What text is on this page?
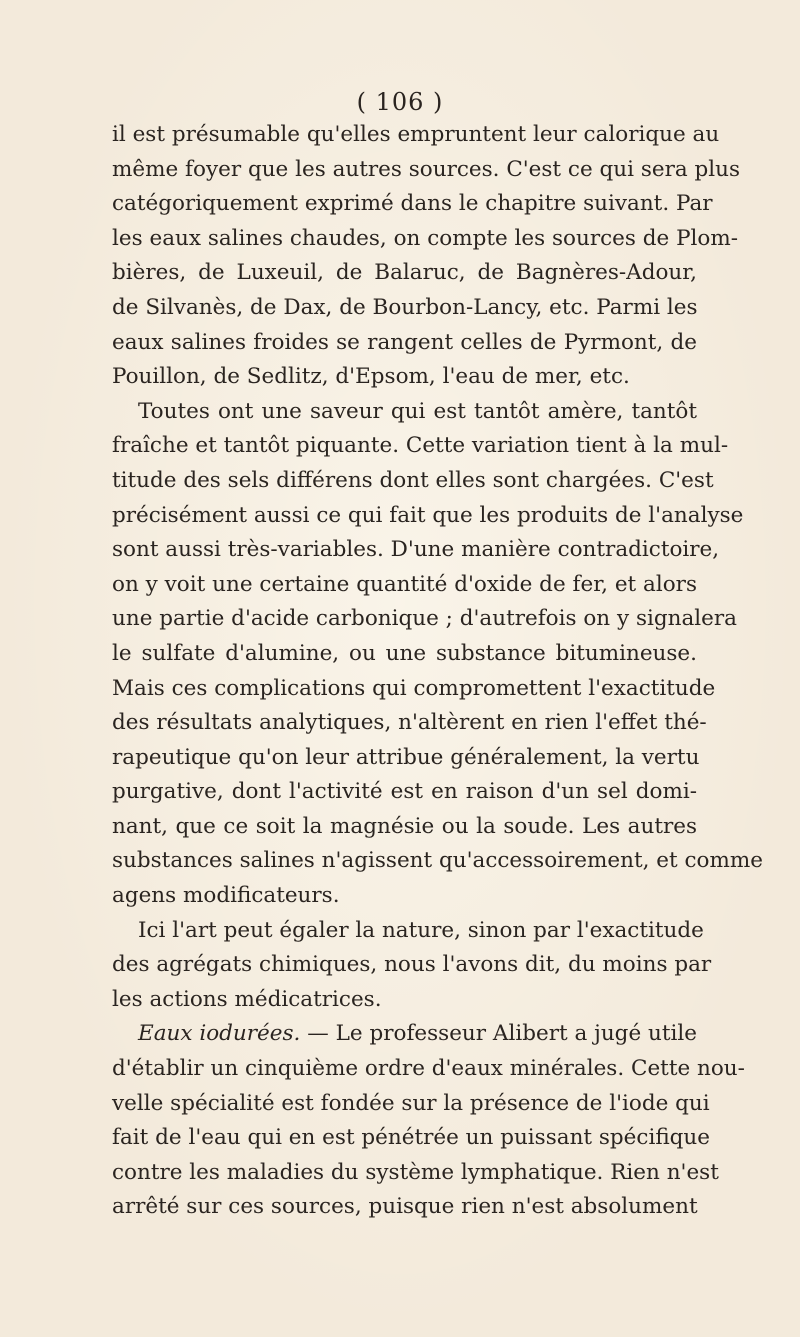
( 106 )
il est présumable qu'elles empruntent leur calorique au
même foyer que les autres sources. C'est ce qui sera plus
catégoriquement exprimé dans le chapitre suivant. Par
les eaux salines chaudes, on compte les sources de Plom-
bières, de Luxeuil, de Balaruc, de Bagnères-Adour,
de Silvanès, de Dax, de Bourbon-Lancy, etc. Parmi les
eaux salines froides se rangent celles de Pyrmont, de
Pouillon, de Sedlitz, d'Epsom, l'eau de mer, etc.
Toutes ont une saveur qui est tantôt amère, tantôt
fraîche et tantôt piquante. Cette variation tient à la mul-
titude des sels différens dont elles sont chargées. C'est
précisément aussi ce qui fait que les produits de l'analyse
sont aussi très-variables. D'une manière contradictoire,
on y voit une certaine quantité d'oxide de fer, et alors
une partie d'acide carbonique ; d'autrefois on y signalera
le sulfate d'alumine, ou une substance bitumineuse.
Mais ces complications qui compromettent l'exactitude
des résultats analytiques, n'altèrent en rien l'effet thé-
rapeutique qu'on leur attribue généralement, la vertu
purgative, dont l'activité est en raison d'un sel domi-
nant, que ce soit la magnésie ou la soude. Les autres
substances salines n'agissent qu'accessoirement, et comme
agens modificateurs.
Ici l'art peut égaler la nature, sinon par l'exactitude
des agrégats chimiques, nous l'avons dit, du moins par
les actions médicatrices.
Eaux iodurées. — Le professeur Alibert a jugé utile
d'établir un cinquième ordre d'eaux minérales. Cette nou-
velle spécialité est fondée sur la présence de l'iode qui
fait de l'eau qui en est pénétrée un puissant spécifique
contre les maladies du système lymphatique. Rien n'est
arrêté sur ces sources, puisque rien n'est absolument
